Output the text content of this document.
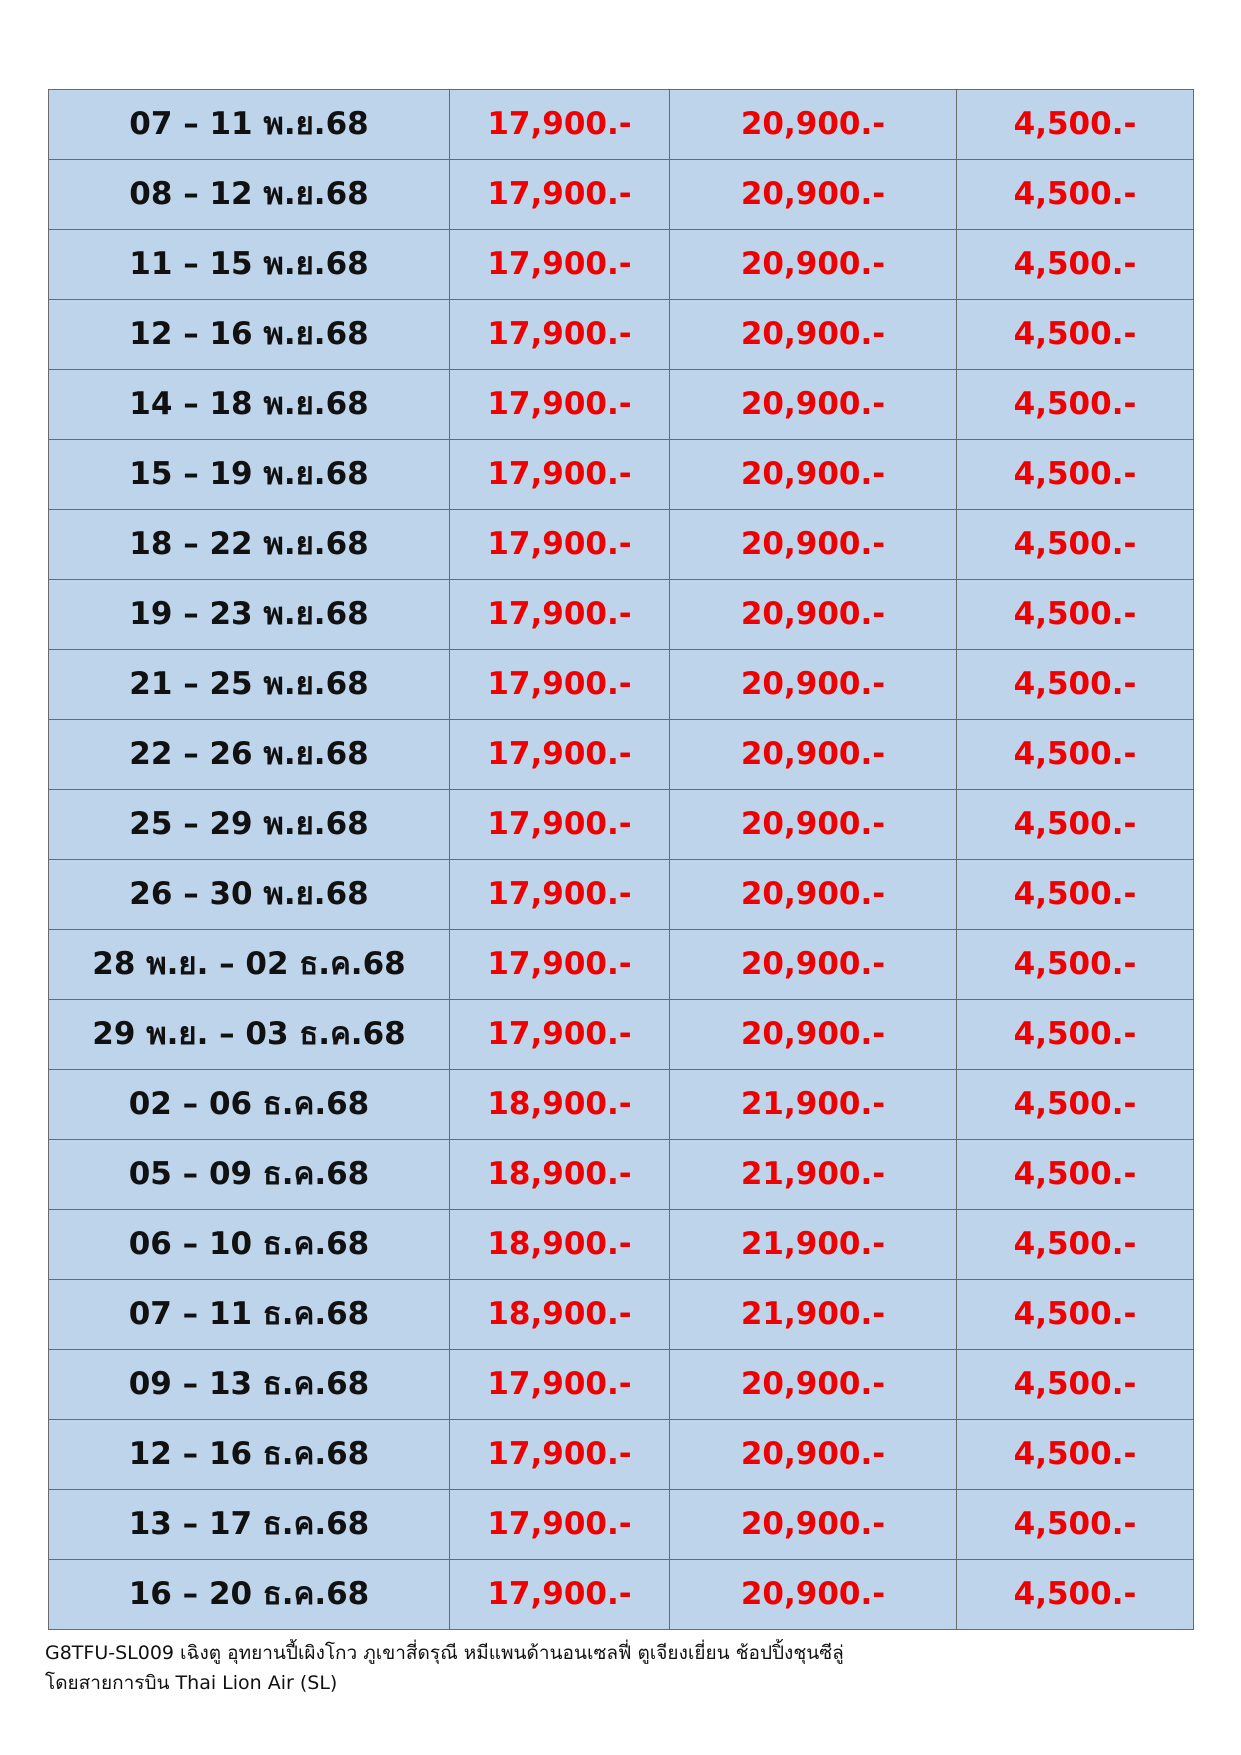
07 – 11 พ.ย.68	17,900.-	20,900.-	4,500.-
08 – 12 พ.ย.68	17,900.-	20,900.-	4,500.-
11 – 15 พ.ย.68	17,900.-	20,900.-	4,500.-
12 – 16 พ.ย.68	17,900.-	20,900.-	4,500.-
14 – 18 พ.ย.68	17,900.-	20,900.-	4,500.-
15 – 19 พ.ย.68	17,900.-	20,900.-	4,500.-
18 – 22 พ.ย.68	17,900.-	20,900.-	4,500.-
19 – 23 พ.ย.68	17,900.-	20,900.-	4,500.-
21 – 25 พ.ย.68	17,900.-	20,900.-	4,500.-
22 – 26 พ.ย.68	17,900.-	20,900.-	4,500.-
25 – 29 พ.ย.68	17,900.-	20,900.-	4,500.-
26 – 30 พ.ย.68	17,900.-	20,900.-	4,500.-
28 พ.ย. – 02 ธ.ค.68	17,900.-	20,900.-	4,500.-
29 พ.ย. – 03 ธ.ค.68	17,900.-	20,900.-	4,500.-
02 – 06 ธ.ค.68	18,900.-	21,900.-	4,500.-
05 – 09 ธ.ค.68	18,900.-	21,900.-	4,500.-
06 – 10 ธ.ค.68	18,900.-	21,900.-	4,500.-
07 – 11 ธ.ค.68	18,900.-	21,900.-	4,500.-
09 – 13 ธ.ค.68	17,900.-	20,900.-	4,500.-
12 – 16 ธ.ค.68	17,900.-	20,900.-	4,500.-
13 – 17 ธ.ค.68	17,900.-	20,900.-	4,500.-
16 – 20 ธ.ค.68	17,900.-	20,900.-	4,500.-
G8TFU-SL009 เฉิงตู อุทยานปี้เผิงโกว ภูเขาสี่ดรุณี หมีแพนด้านอนเซลฟี่ ตูเจียงเยี่ยน ช้อปปิ้งชุนซีลู่
โดยสายการบิน Thai Lion Air (SL)
